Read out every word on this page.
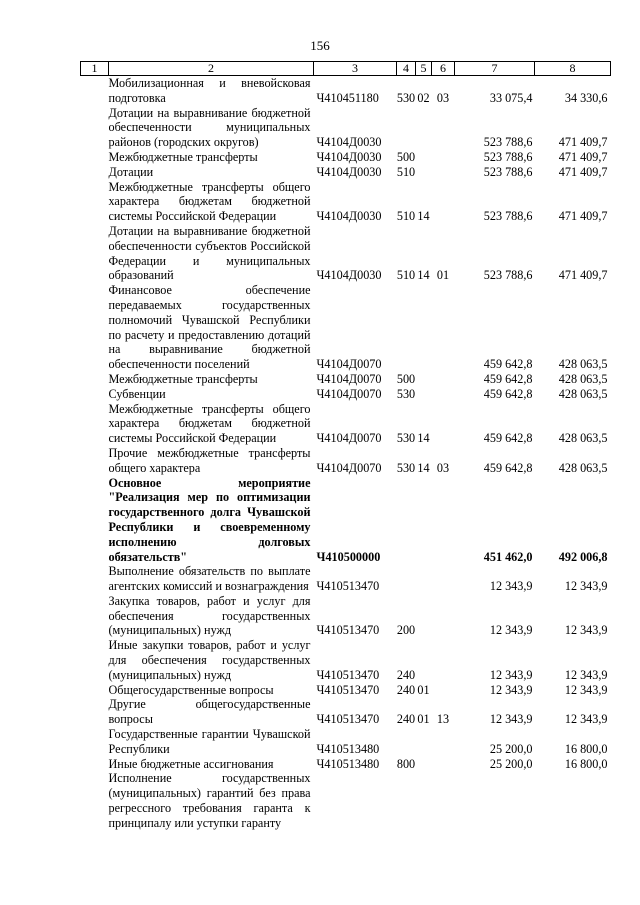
156
1	2	3	4	5	6	7	8
	Мобилизационная и вневойсковая подготовка	Ч410451180	530	02	03	33 075,4	34 330,6
	Дотации на выравнивание бюджетной обеспеченности муниципальных районов (городских округов)	Ч4104Д0030				523 788,6	471 409,7
	Межбюджетные трансферты	Ч4104Д0030	500			523 788,6	471 409,7
	Дотации	Ч4104Д0030	510			523 788,6	471 409,7
	Межбюджетные трансферты общего характера бюджетам бюджетной системы Российской Федерации	Ч4104Д0030	510	14		523 788,6	471 409,7
	Дотации на выравнивание бюджетной обеспеченности субъектов Российской Федерации и муниципальных образований	Ч4104Д0030	510	14	01	523 788,6	471 409,7
	Финансовое обеспечение передаваемых государственных полномочий Чувашской Республики по расчету и предоставлению дотаций на выравнивание бюджетной обеспеченности поселений	Ч4104Д0070				459 642,8	428 063,5
	Межбюджетные трансферты	Ч4104Д0070	500			459 642,8	428 063,5
	Субвенции	Ч4104Д0070	530			459 642,8	428 063,5
	Межбюджетные трансферты общего характера бюджетам бюджетной системы Российской Федерации	Ч4104Д0070	530	14		459 642,8	428 063,5
	Прочие межбюджетные трансферты общего характера	Ч4104Д0070	530	14	03	459 642,8	428 063,5
	Основное мероприятие "Реализация мер по оптимизации государственного долга Чувашской Республики и своевременному исполнению долговых обязательств"	Ч410500000				451 462,0	492 006,8
	Выполнение обязательств по выплате агентских комиссий и вознаграждения	Ч410513470				12 343,9	12 343,9
	Закупка товаров, работ и услуг для обеспечения государственных (муниципальных) нужд	Ч410513470	200			12 343,9	12 343,9
	Иные закупки товаров, работ и услуг для обеспечения государственных (муниципальных) нужд	Ч410513470	240			12 343,9	12 343,9
	Общегосударственные вопросы	Ч410513470	240	01		12 343,9	12 343,9
	Другие общегосударственные вопросы	Ч410513470	240	01	13	12 343,9	12 343,9
	Государственные гарантии Чувашской Республики	Ч410513480				25 200,0	16 800,0
	Иные бюджетные ассигнования	Ч410513480	800			25 200,0	16 800,0
	Исполнение государственных (муниципальных) гарантий без права регрессного требования гаранта к принципалу или уступки гаранту						
